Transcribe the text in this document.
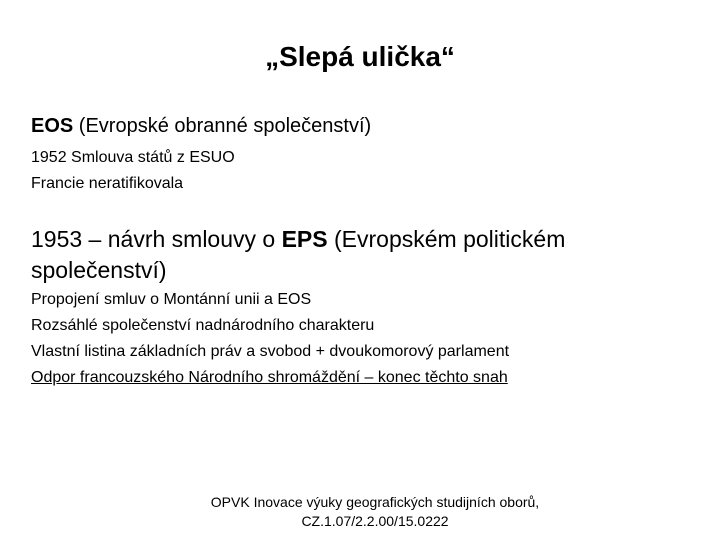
„Slepá ulička“
EOS (Evropské obranné společenství)
1952 Smlouva států z ESUO
Francie neratifikovala
1953 – návrh smlouvy o EPS (Evropském politickém společenství)
Propojení smluv o Montánní unii a EOS
Rozsáhlé společenství nadnárodního charakteru
Vlastní listina základních práv a svobod + dvoukomorový parlament
Odpor francouzského Národního shromáždění – konec těchto snah
OPVK Inovace výuky geografických studijních oborů,
CZ.1.07/2.2.00/15.0222
